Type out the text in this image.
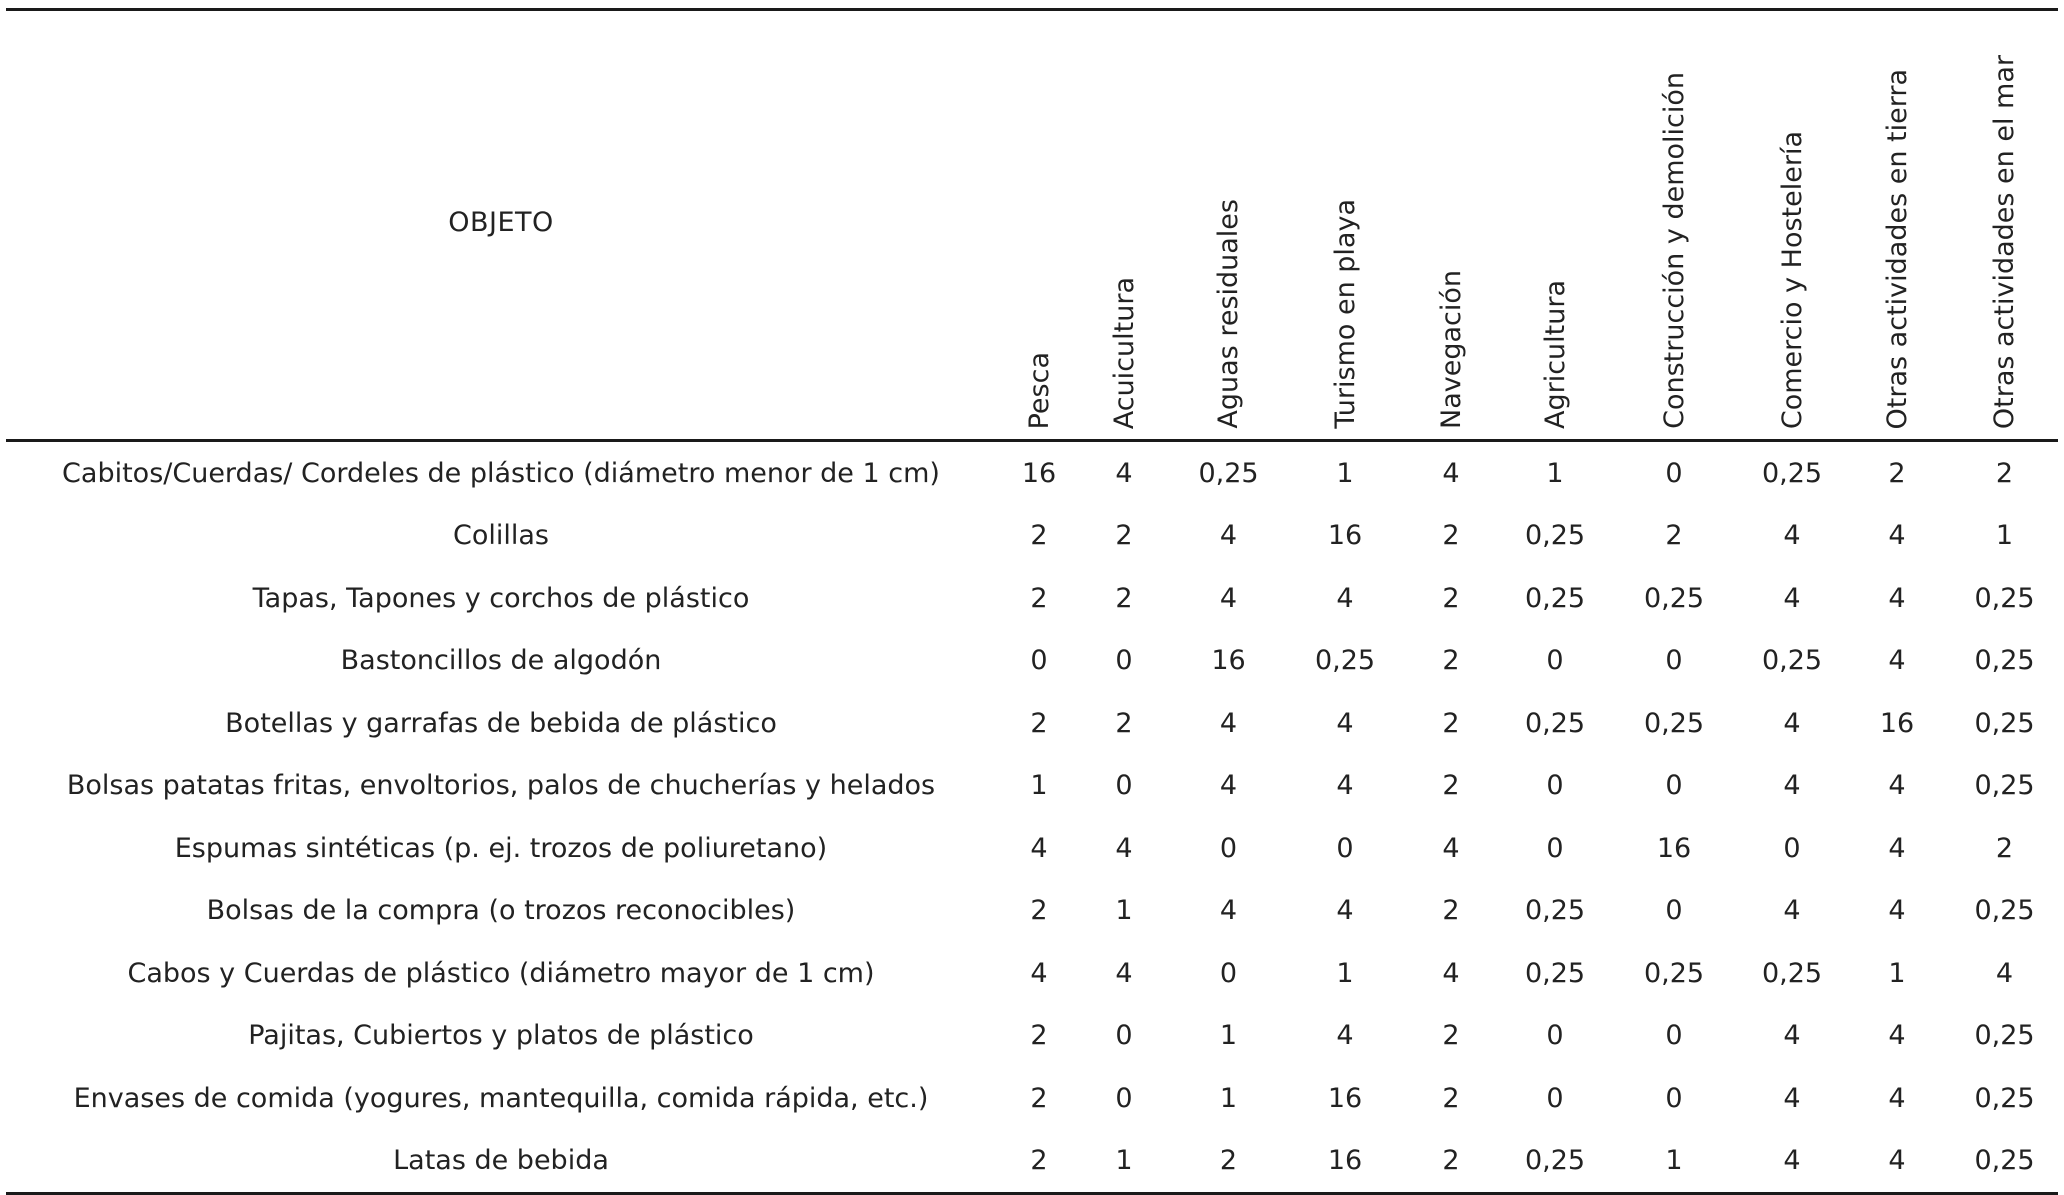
OBJETO	Pesca	Acuicultura	Aguas residuales	Turismo en playa	Navegación	Agricultura	Construcción y demolición	Comercio y Hostelería	Otras actividades en tierra	Otras actividades en el mar

Cabitos/Cuerdas/ Cordeles de plástico (diámetro menor de 1 cm)	16	4	0,25	1	4	1	0	0,25	2	2
Colillas	2	2	4	16	2	0,25	2	4	4	1
Tapas, Tapones y corchos de plástico	2	2	4	4	2	0,25	0,25	4	4	0,25
Bastoncillos de algodón	0	0	16	0,25	2	0	0	0,25	4	0,25
Botellas y garrafas de bebida de plástico	2	2	4	4	2	0,25	0,25	4	16	0,25
Bolsas patatas fritas, envoltorios, palos de chucherías y helados	1	0	4	4	2	0	0	4	4	0,25
Espumas sintéticas (p. ej. trozos de poliuretano)	4	4	0	0	4	0	16	0	4	2
Bolsas de la compra (o trozos reconocibles)	2	1	4	4	2	0,25	0	4	4	0,25
Cabos y Cuerdas de plástico (diámetro mayor de 1 cm)	4	4	0	1	4	0,25	0,25	0,25	1	4
Pajitas, Cubiertos y platos de plástico	2	0	1	4	2	0	0	4	4	0,25
Envases de comida (yogures, mantequilla, comida rápida, etc.)	2	0	1	16	2	0	0	4	4	0,25
Latas de bebida	2	1	2	16	2	0,25	1	4	4	0,25
